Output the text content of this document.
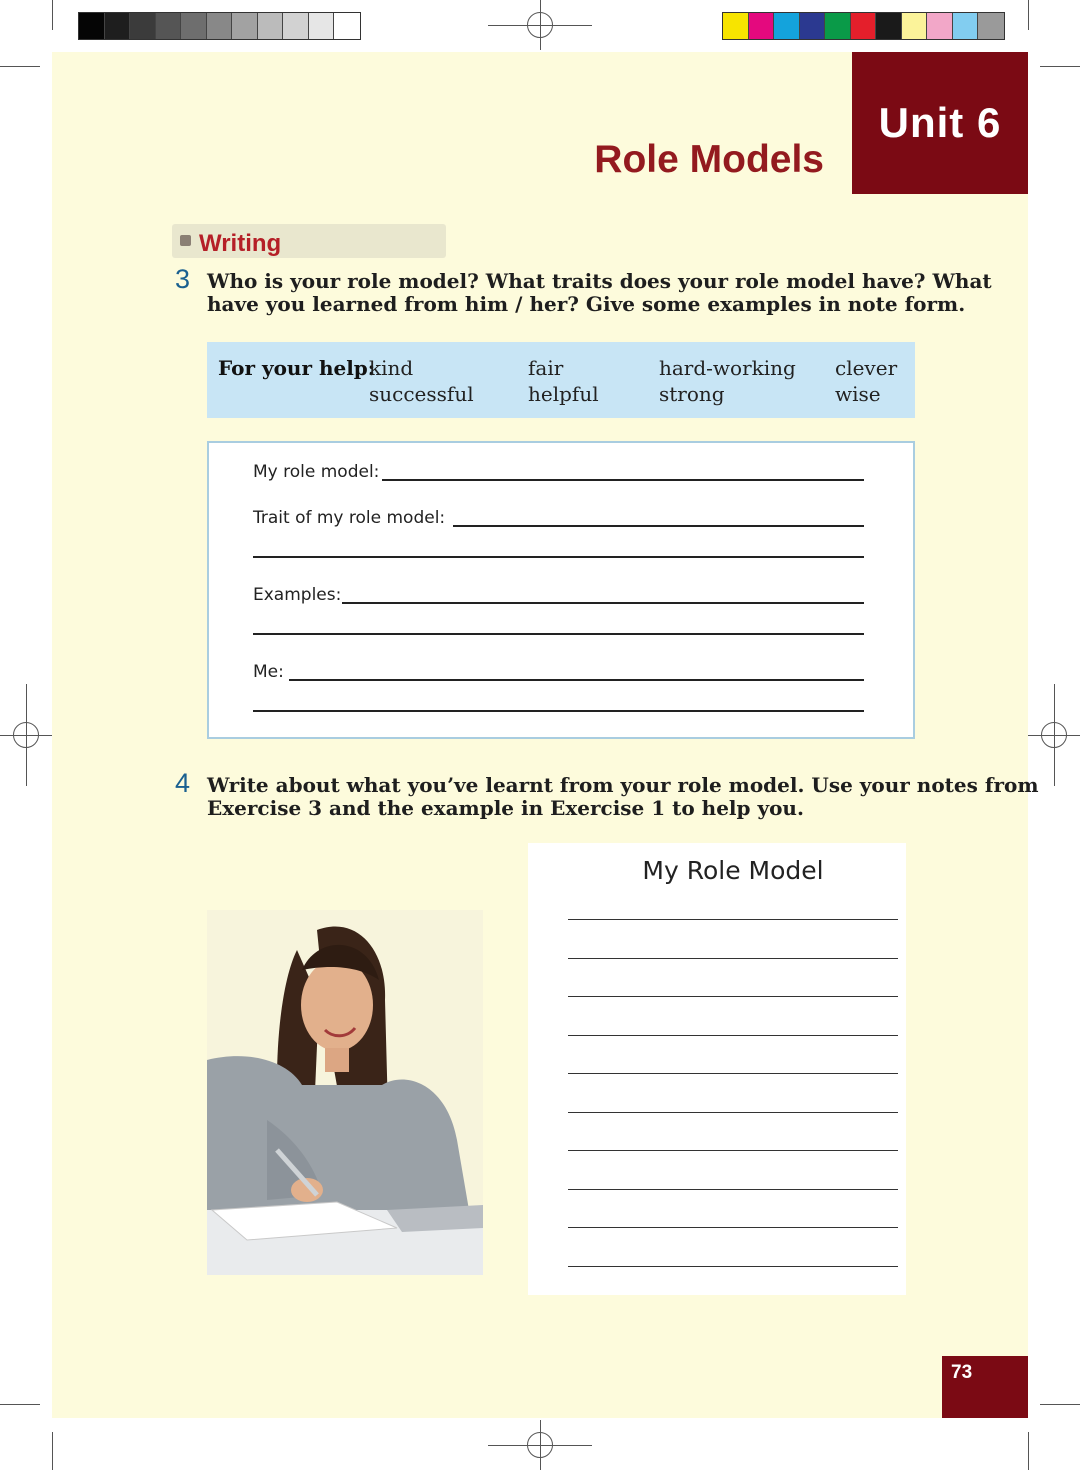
Unit 6
Role Models
Writing
3 Who is your role model? What traits does your role model have? What
have you learned from him / her? Give some examples in note form.
For your help:
kind	fair	hard-working clever
successful	helpful	strong	wise
My role model:
Trait of my role model:
Examples:
Me:
4 Write about what you’ve learnt from your role model. Use your notes from
Exercise 3 and the example in Exercise 1 to help you.
My Role Model
73
